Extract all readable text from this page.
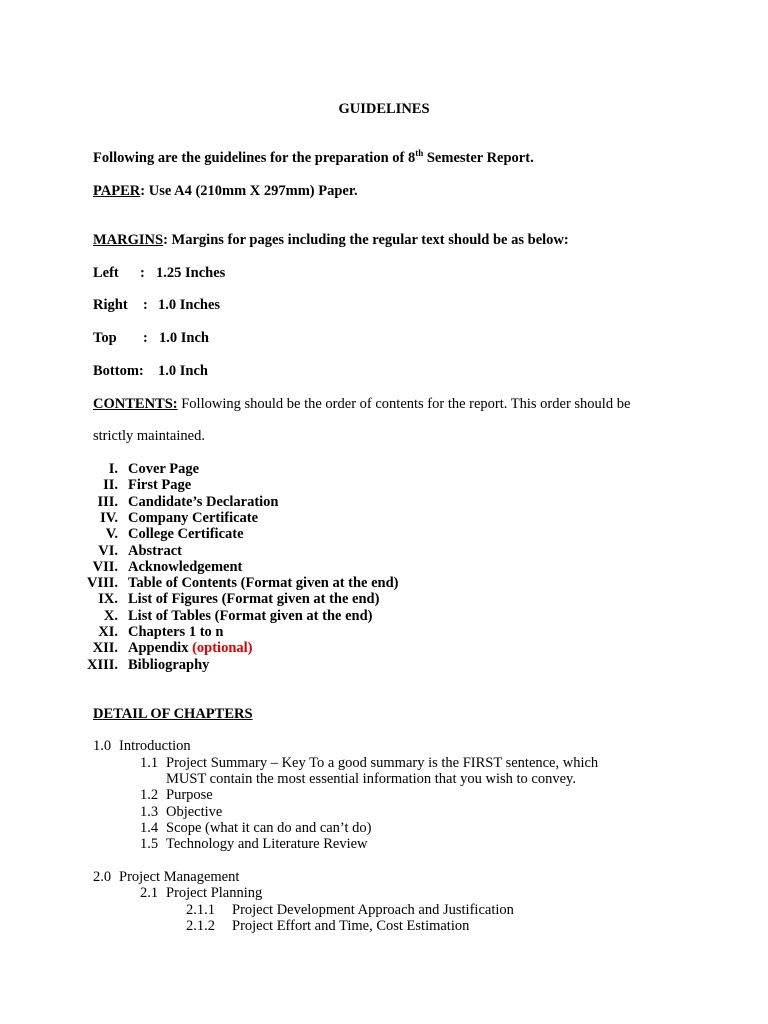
GUIDELINES
Following are the guidelines for the preparation of 8th Semester Report.
PAPER: Use A4 (210mm X 297mm) Paper.
MARGINS: Margins for pages including the regular text should be as below:
Left : 1.25 Inches
Right : 1.0 Inches
Top : 1.0 Inch
Bottom: 1.0 Inch
CONTENTS: Following should be the order of contents for the report. This order should be
strictly maintained.
I. Cover Page
II. First Page
III. Candidate’s Declaration
IV. Company Certificate
V. College Certificate
VI. Abstract
VII. Acknowledgement
VIII. Table of Contents (Format given at the end)
IX. List of Figures (Format given at the end)
X. List of Tables (Format given at the end)
XI. Chapters 1 to n
XII. Appendix (optional)
XIII. Bibliography
DETAIL OF CHAPTERS
1.0 Introduction
1.1 Project Summary – Key To a good summary is the FIRST sentence, which
MUST contain the most essential information that you wish to convey.
1.2 Purpose
1.3 Objective
1.4 Scope (what it can do and can’t do)
1.5 Technology and Literature Review
2.0 Project Management
2.1 Project Planning
2.1.1 Project Development Approach and Justification
2.1.2 Project Effort and Time, Cost Estimation
